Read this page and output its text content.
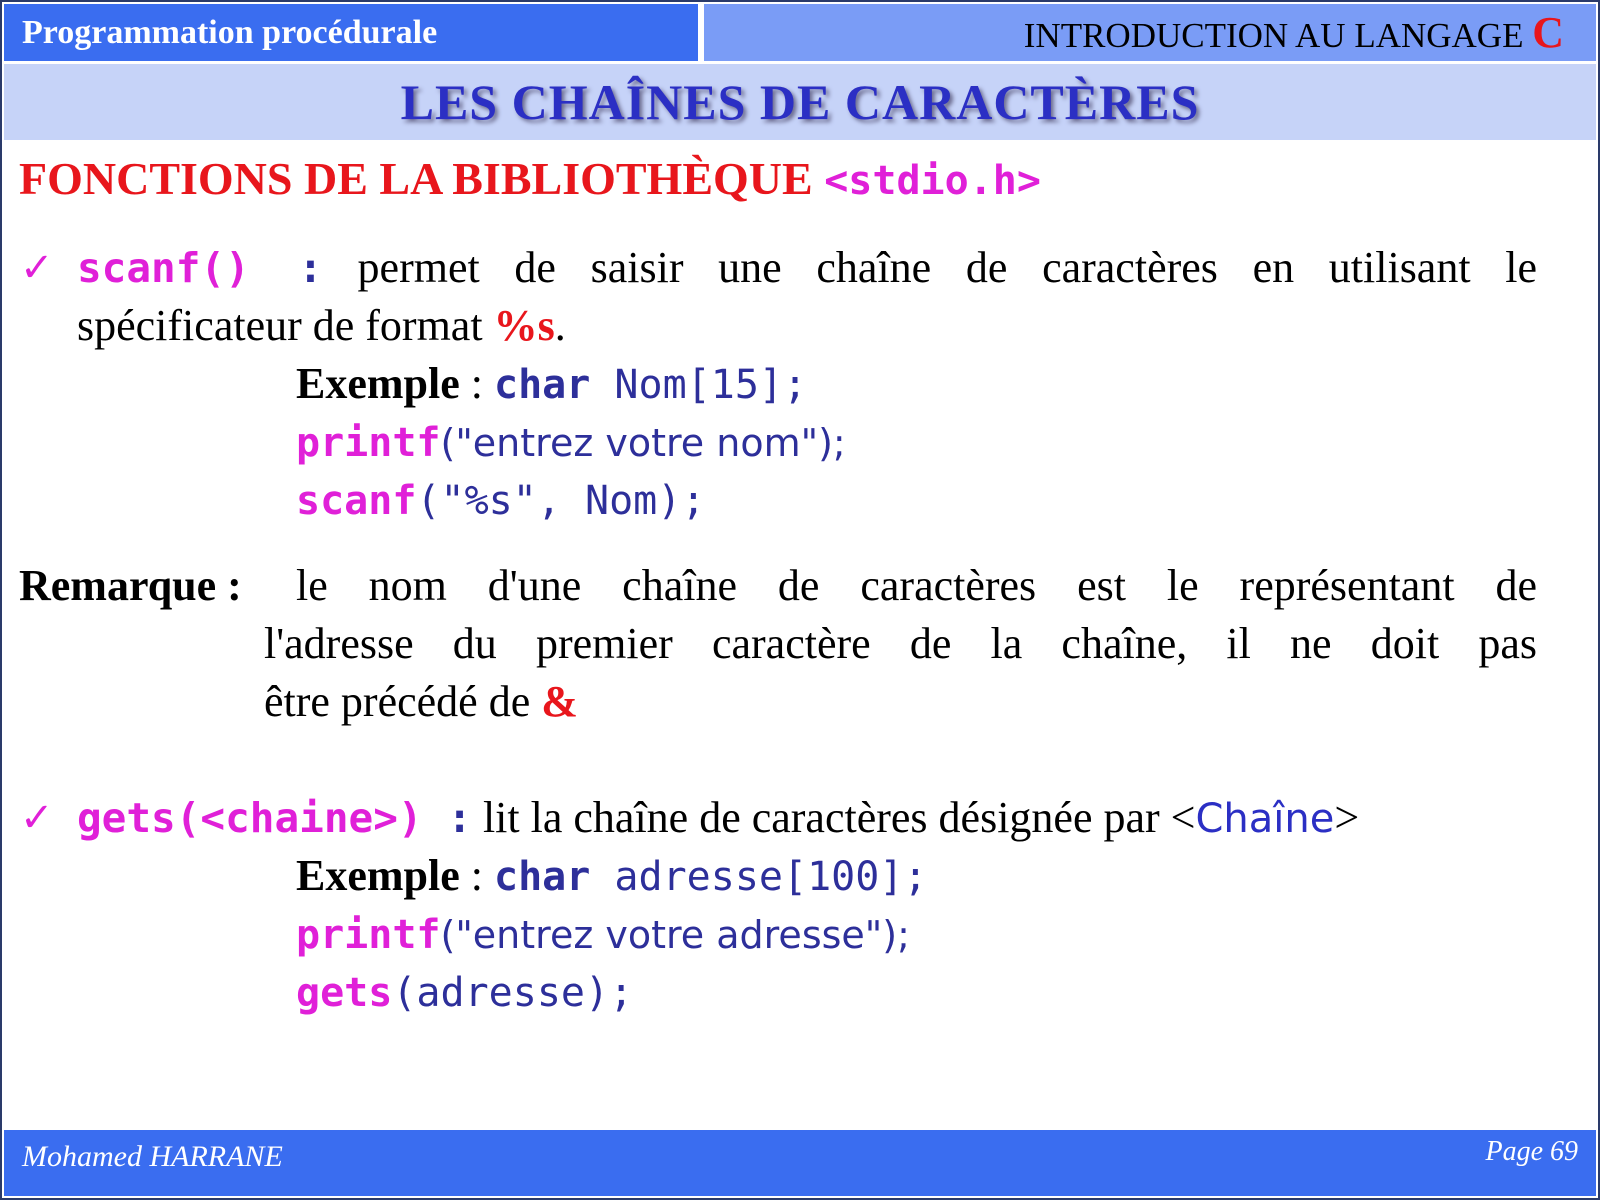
Programmation procédurale	INTRODUCTION AU LANGAGE C
LES CHAÎNES DE CARACTÈRES
FONCTIONS DE LA BIBLIOTHÈQUE <stdio.h>
✓ scanf() : permet de saisir une chaîne de caractères en utilisant le
spécificateur de format %s.
Exemple : char Nom[15];
printf("entrez votre nom");
scanf("%s", Nom);
Remarque : le nom d'une chaîne de caractères est le représentant de
l'adresse du premier caractère de la chaîne, il ne doit pas
être précédé de &
✓ gets(<chaine>) : lit la chaîne de caractères désignée par <Chaîne>
Exemple : char adresse[100];
printf("entrez votre adresse");
gets(adresse);
Mohamed HARRANE	Page 69
